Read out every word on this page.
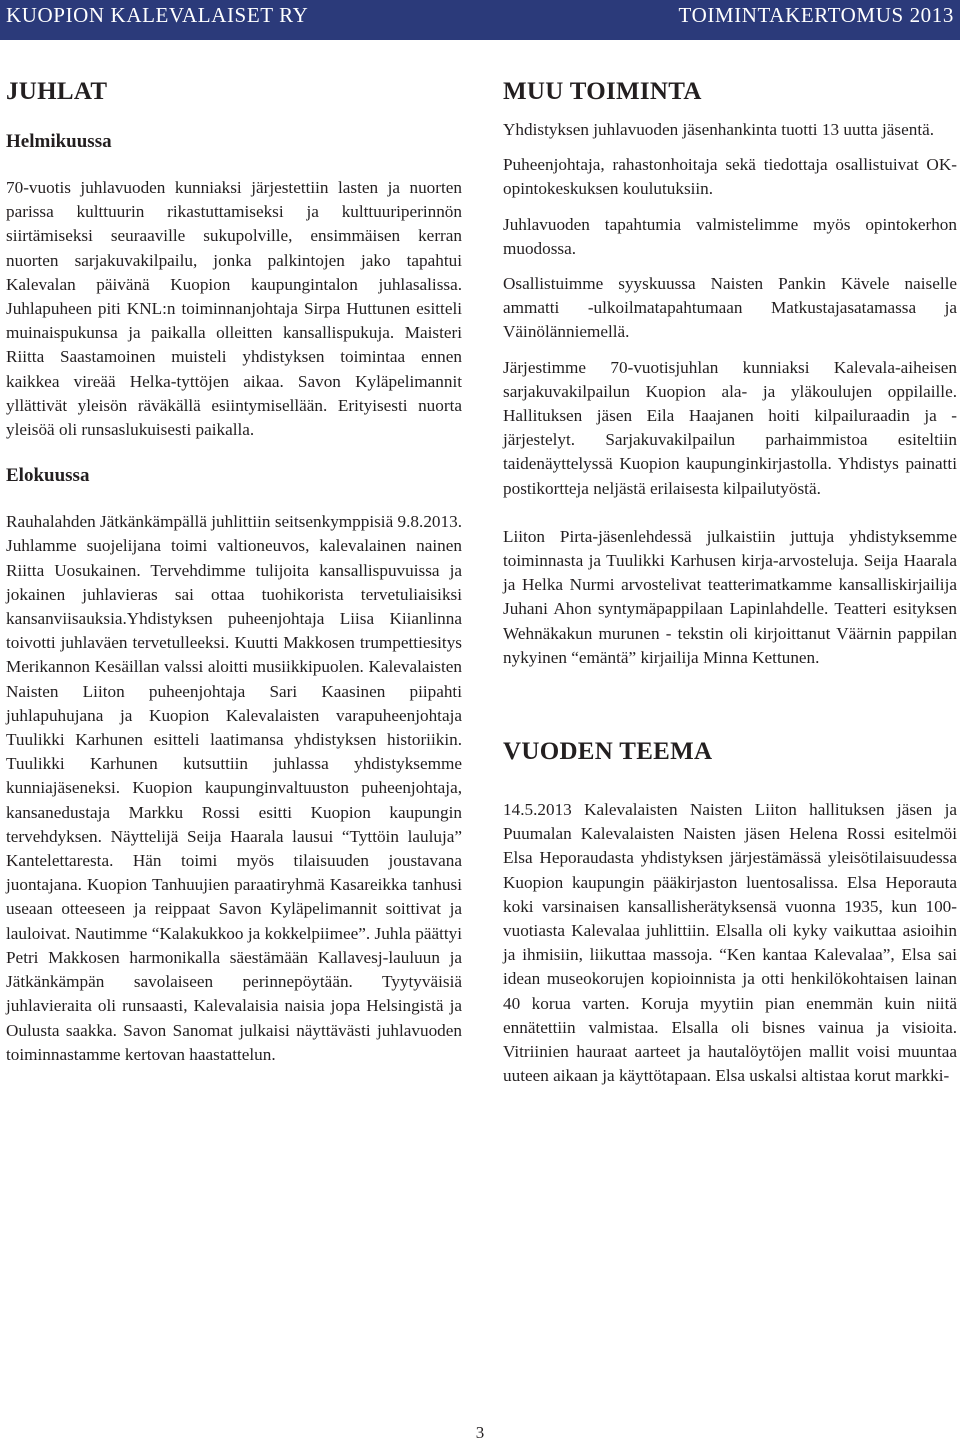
KUOPION KALEVALAISET RY	TOIMINTAKERTOMUS 2013
JUHLAT
Helmikuussa

70-vuotis juhlavuoden kunniaksi järjestettiin lasten ja nuorten parissa kulttuurin rikastuttamiseksi ja kulttuuriperinnön siirtämiseksi seuraaville sukupolville, ensimmäisen kerran nuorten sarjakuvakilpailu, jonka palkintojen jako tapahtui Kalevalan päivänä Kuopion kaupungintalon juhlasalissa. Juhlapuheen piti KNL:n toiminnanjohtaja Sirpa Huttunen esitteli muinaispukunsa ja paikalla olleitten kansallispukuja. Maisteri Riitta Saastamoinen muisteli yhdistyksen toimintaa ennen kaikkea vireää Helka-tyttöjen aikaa. Savon Kyläpelimannit yllättivät yleisön räväkällä esiintymisellään. Erityisesti nuorta yleisöä oli runsaslukuisesti paikalla.

Elokuussa

Rauhalahden Jätkänkämpällä juhlittiin seitsenkymppisiä 9.8.2013. Juhlamme suojelijana toimi valtioneuvos, kalevalainen nainen Riitta Uosukainen. Tervehdimme tulijoita kansallispuvuissa ja jokainen juhlavieras sai ottaa tuohikorista tervetuliaisiksi kansanviisauksia.Yhdistyksen puheenjohtaja Liisa Kiianlinna toivotti juhlaväen tervetulleeksi. Kuutti Makkosen trumpettiesitys Merikannon Kesäillan valssi aloitti musiikkipuolen. Kalevalaisten Naisten Liiton puheenjohtaja Sari Kaasinen piipahti juhlapuhujana ja Kuopion Kalevalaisten varapuheenjohtaja Tuulikki Karhunen esitteli laatimansa yhdistyksen historiikin. Tuulikki Karhunen kutsuttiin juhlassa yhdistyksemme kunniajäseneksi. Kuopion kaupunginvaltuuston puheenjohtaja, kansanedustaja Markku Rossi esitti Kuopion kaupungin tervehdyksen. Näyttelijä Seija Haarala lausui “Tyttöin lauluja” Kantelettaresta. Hän toimi myös tilaisuuden joustavana juontajana. Kuopion Tanhuujien paraatiryhmä Kasareikka tanhusi useaan otteeseen ja reippaat Savon Kyläpelimannit soittivat ja lauloivat. Nautimme “Kalakukkoo ja kokkelpiimee”. Juhla päättyi Petri Makkosen harmonikalla säestämään Kallavesj-lauluun ja Jätkänkämpän savolaiseen perinnepöytään. Tyytyväisiä juhlavieraita oli runsaasti, Kalevalaisia naisia jopa Helsingistä ja Oulusta saakka. Savon Sanomat julkaisi näyttävästi juhlavuoden toiminnastamme kertovan haastattelun.

MUU TOIMINTA

Yhdistyksen juhlavuoden jäsenhankinta tuotti 13 uutta jäsentä.

Puheenjohtaja, rahastonhoitaja sekä tiedottaja osallistuivat OK-opintokeskuksen koulutuksiin.

Juhlavuoden tapahtumia valmistelimme myös opintokerhon muodossa.

Osallistuimme syyskuussa Naisten Pankin Kävele naiselle ammatti -ulkoilmatapahtumaan Matkustajasatamassa ja Väinölänniemellä.

Järjestimme 70-vuotisjuhlan kunniaksi Kalevala-aiheisen sarjakuvakilpailun Kuopion ala- ja yläkoulujen oppilaille. Hallituksen jäsen Eila Haajanen hoiti kilpailuraadin ja -järjestelyt. Sarjakuvakilpailun parhaimmistoa esiteltiin taidenäyttelyssä Kuopion kaupunginkirjastolla. Yhdistys painatti postikortteja neljästä erilaisesta kilpailutyöstä.

Liiton Pirta-jäsenlehdessä julkaistiin juttuja yhdistyksemme toiminnasta ja Tuulikki Karhusen kirja-arvosteluja. Seija Haarala ja Helka Nurmi arvostelivat teatterimatkamme kansalliskirjailija Juhani Ahon syntymäpappilaan Lapinlahdelle. Teatteri esityksen Wehnäkakun murunen - tekstin oli kirjoittanut Väärnin pappilan nykyinen “emäntä” kirjailija Minna Kettunen.

VUODEN TEEMA

14.5.2013 Kalevalaisten Naisten Liiton hallituksen jäsen ja Puumalan Kalevalaisten Naisten jäsen Helena Rossi esitelmöi Elsa Heporaudasta yhdistyksen järjestämässä yleisötilaisuudessa Kuopion kaupungin pääkirjaston luentosalissa. Elsa Heporauta koki varsinaisen kansallisherätyksensä vuonna 1935, kun 100-vuotiasta Kalevalaa juhlittiin. Elsalla oli kyky vaikuttaa asioihin ja ihmisiin, liikuttaa massoja. “Ken kantaa Kalevalaa”, Elsa sai idean museokorujen kopioinnista ja otti henkilökohtaisen lainan 40 korua varten. Koruja myytiin pian enemmän kuin niitä ennätettiin valmistaa. Elsalla oli bisnes vainua ja visioita. Vitriinien hauraat aarteet ja hautalöytöjen mallit voisi muuntaa uuteen aikaan ja käyttötapaan. Elsa uskalsi altistaa korut markki-

3
